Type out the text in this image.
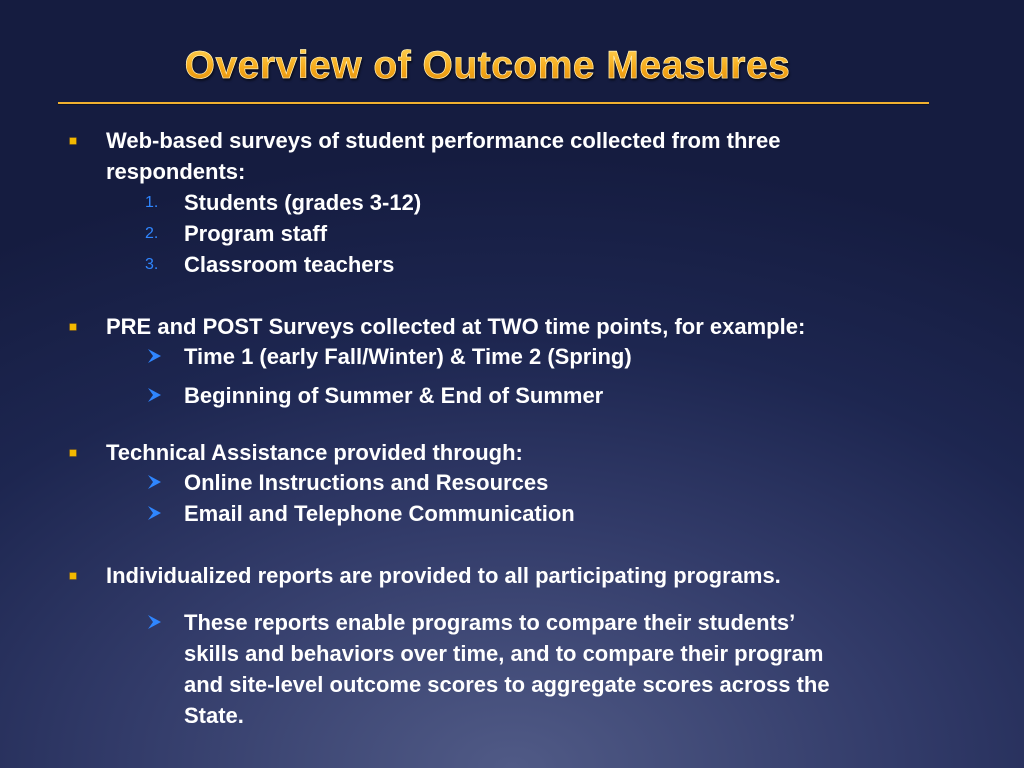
Overview of Outcome Measures
Web-based surveys of student performance collected from three
respondents:
1. Students (grades 3-12)
2. Program staff
3. Classroom teachers
PRE and POST Surveys collected at TWO time points, for example:
Time 1 (early Fall/Winter) & Time 2 (Spring)
Beginning of Summer & End of Summer
Technical Assistance provided through:
Online Instructions and Resources
Email and Telephone Communication
Individualized reports are provided to all participating programs.
These reports enable programs to compare their students’
skills and behaviors over time, and to compare their program
and site-level outcome scores to aggregate scores across the
State.
